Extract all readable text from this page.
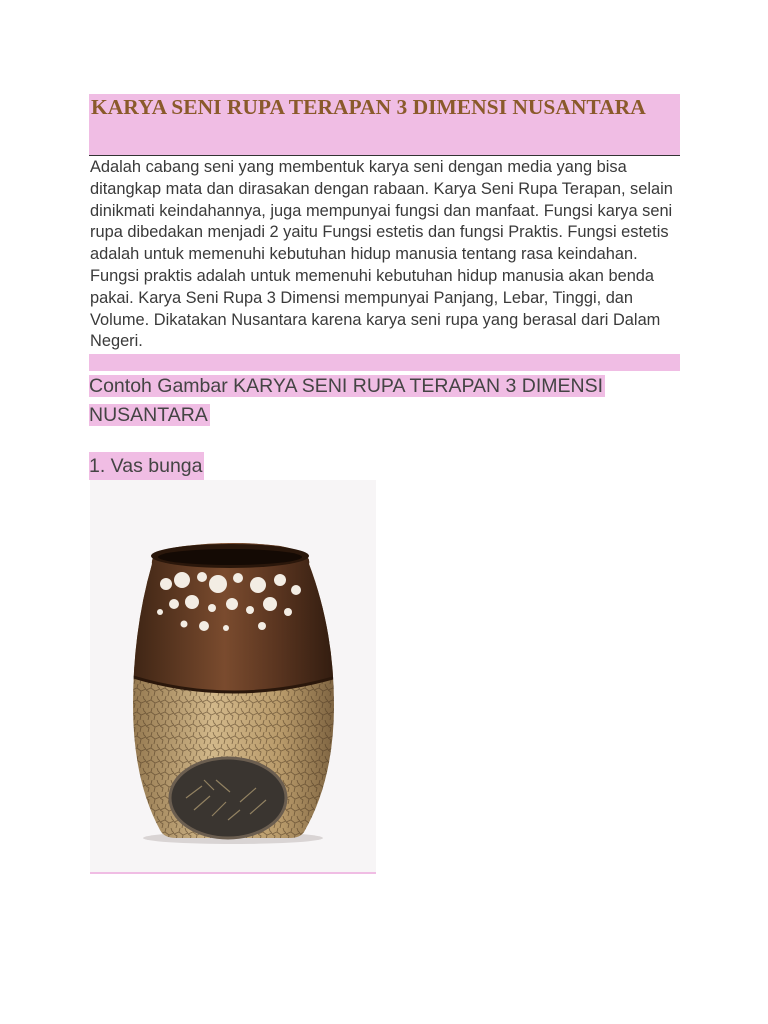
KARYA SENI RUPA TERAPAN 3 DIMENSI NUSANTARA
Adalah cabang seni yang membentuk karya seni dengan media yang bisa ditangkap mata dan dirasakan dengan rabaan. Karya Seni Rupa Terapan, selain dinikmati keindahannya, juga mempunyai fungsi dan manfaat. Fungsi karya seni rupa dibedakan menjadi 2 yaitu Fungsi estetis dan fungsi Praktis. Fungsi estetis adalah untuk memenuhi kebutuhan hidup manusia tentang rasa keindahan. Fungsi praktis adalah untuk memenuhi kebutuhan hidup manusia akan benda pakai. Karya Seni Rupa 3 Dimensi mempunyai Panjang, Lebar, Tinggi, dan Volume. Dikatakan Nusantara karena karya seni rupa yang berasal dari Dalam Negeri.
Contoh Gambar KARYA SENI RUPA TERAPAN 3 DIMENSI NUSANTARA
1. Vas bunga
